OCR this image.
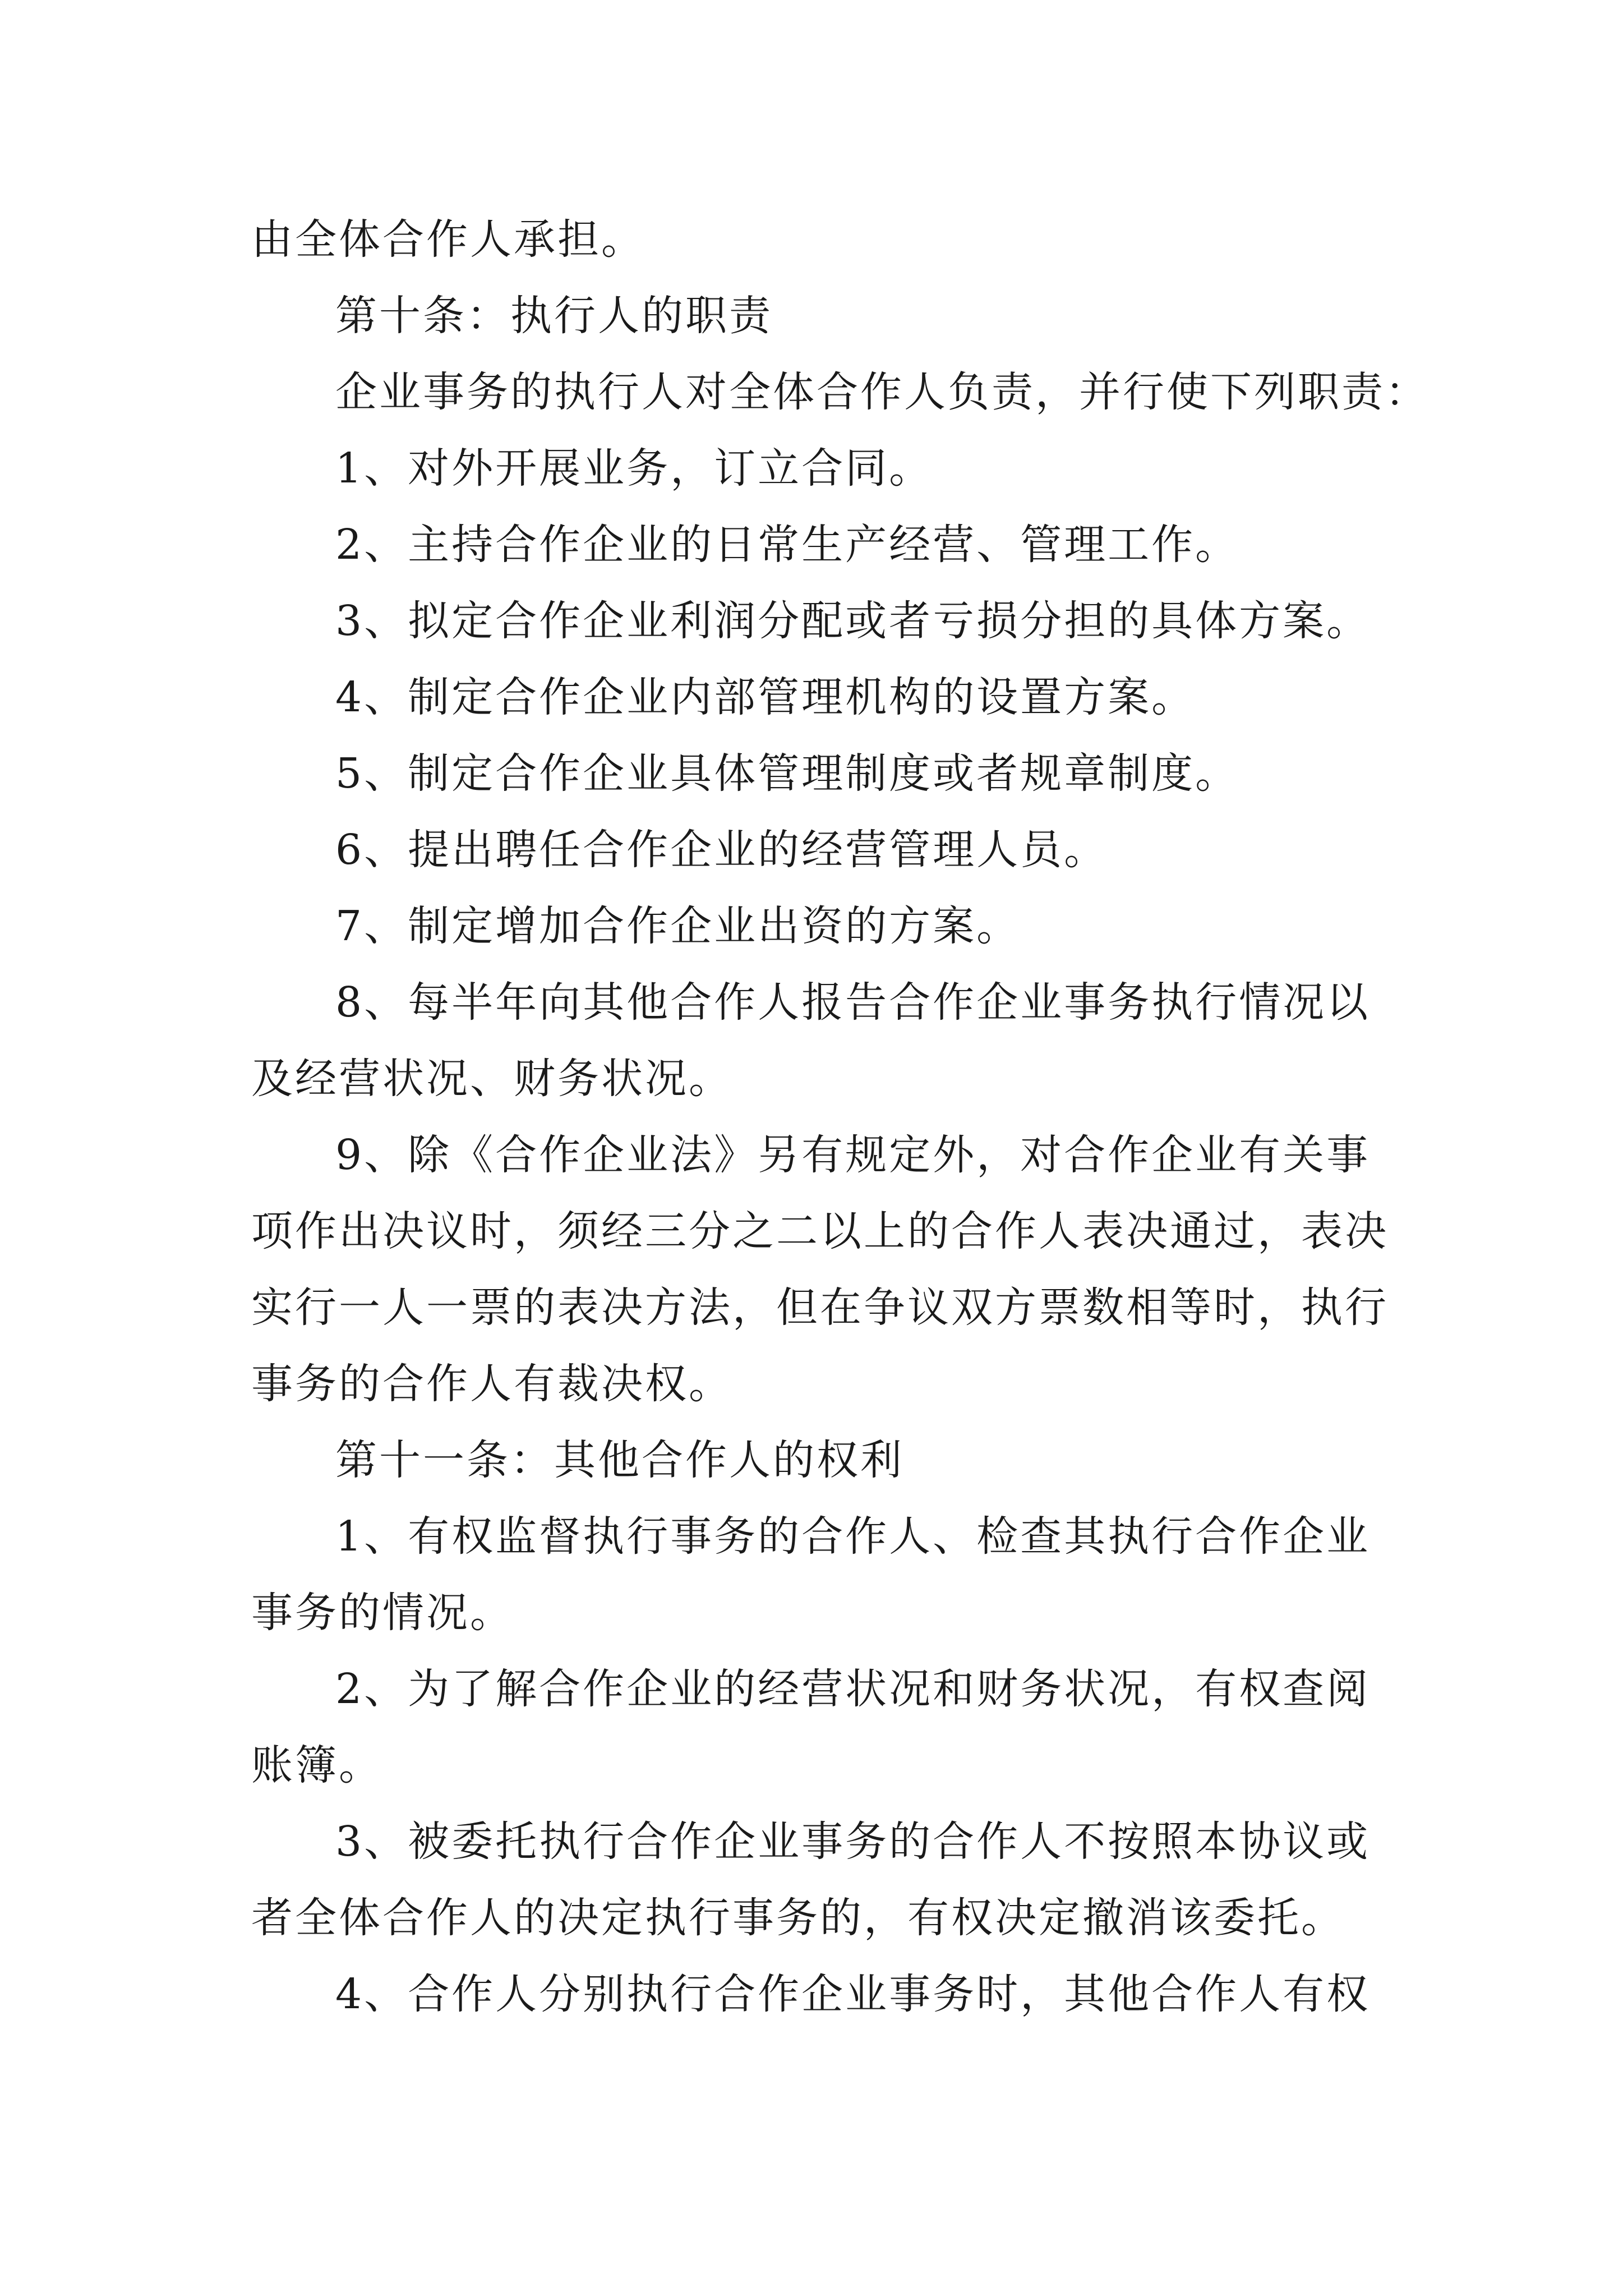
由全体合作人承担。
第十条：执行人的职责
企业事务的执行人对全体合作人负责，并行使下列职责：
1、对外开展业务，订立合同。
2、主持合作企业的日常生产经营、管理工作。
3、拟定合作企业利润分配或者亏损分担的具体方案。
4、制定合作企业内部管理机构的设置方案。
5、制定合作企业具体管理制度或者规章制度。
6、提出聘任合作企业的经营管理人员。
7、制定增加合作企业出资的方案。
8、每半年向其他合作人报告合作企业事务执行情况以
及经营状况、财务状况。
9、除《合作企业法》另有规定外，对合作企业有关事
项作出决议时，须经三分之二以上的合作人表决通过，表决
实行一人一票的表决方法，但在争议双方票数相等时，执行
事务的合作人有裁决权。
第十一条：其他合作人的权利
1、有权监督执行事务的合作人、检查其执行合作企业
事务的情况。
2、为了解合作企业的经营状况和财务状况，有权查阅
账簿。
3、被委托执行合作企业事务的合作人不按照本协议或
者全体合作人的决定执行事务的，有权决定撤消该委托。
4、合作人分别执行合作企业事务时，其他合作人有权
